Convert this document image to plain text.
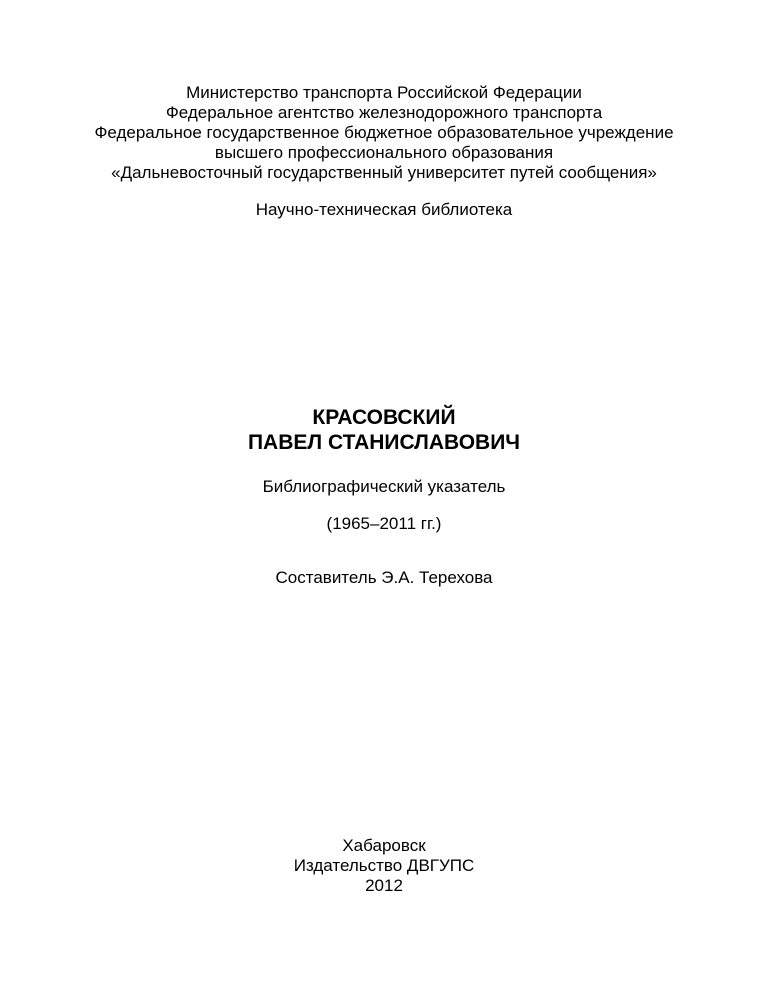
Министерство транспорта Российской Федерации
Федеральное агентство железнодорожного транспорта
Федеральное государственное бюджетное образовательное учреждение
высшего профессионального образования
«Дальневосточный государственный университет путей сообщения»
Научно-техническая библиотека
КРАСОВСКИЙ
ПАВЕЛ СТАНИСЛАВОВИЧ
Библиографический указатель
(1965–2011 гг.)
Составитель Э.А. Терехова
Хабаровск
Издательство ДВГУПС
2012
